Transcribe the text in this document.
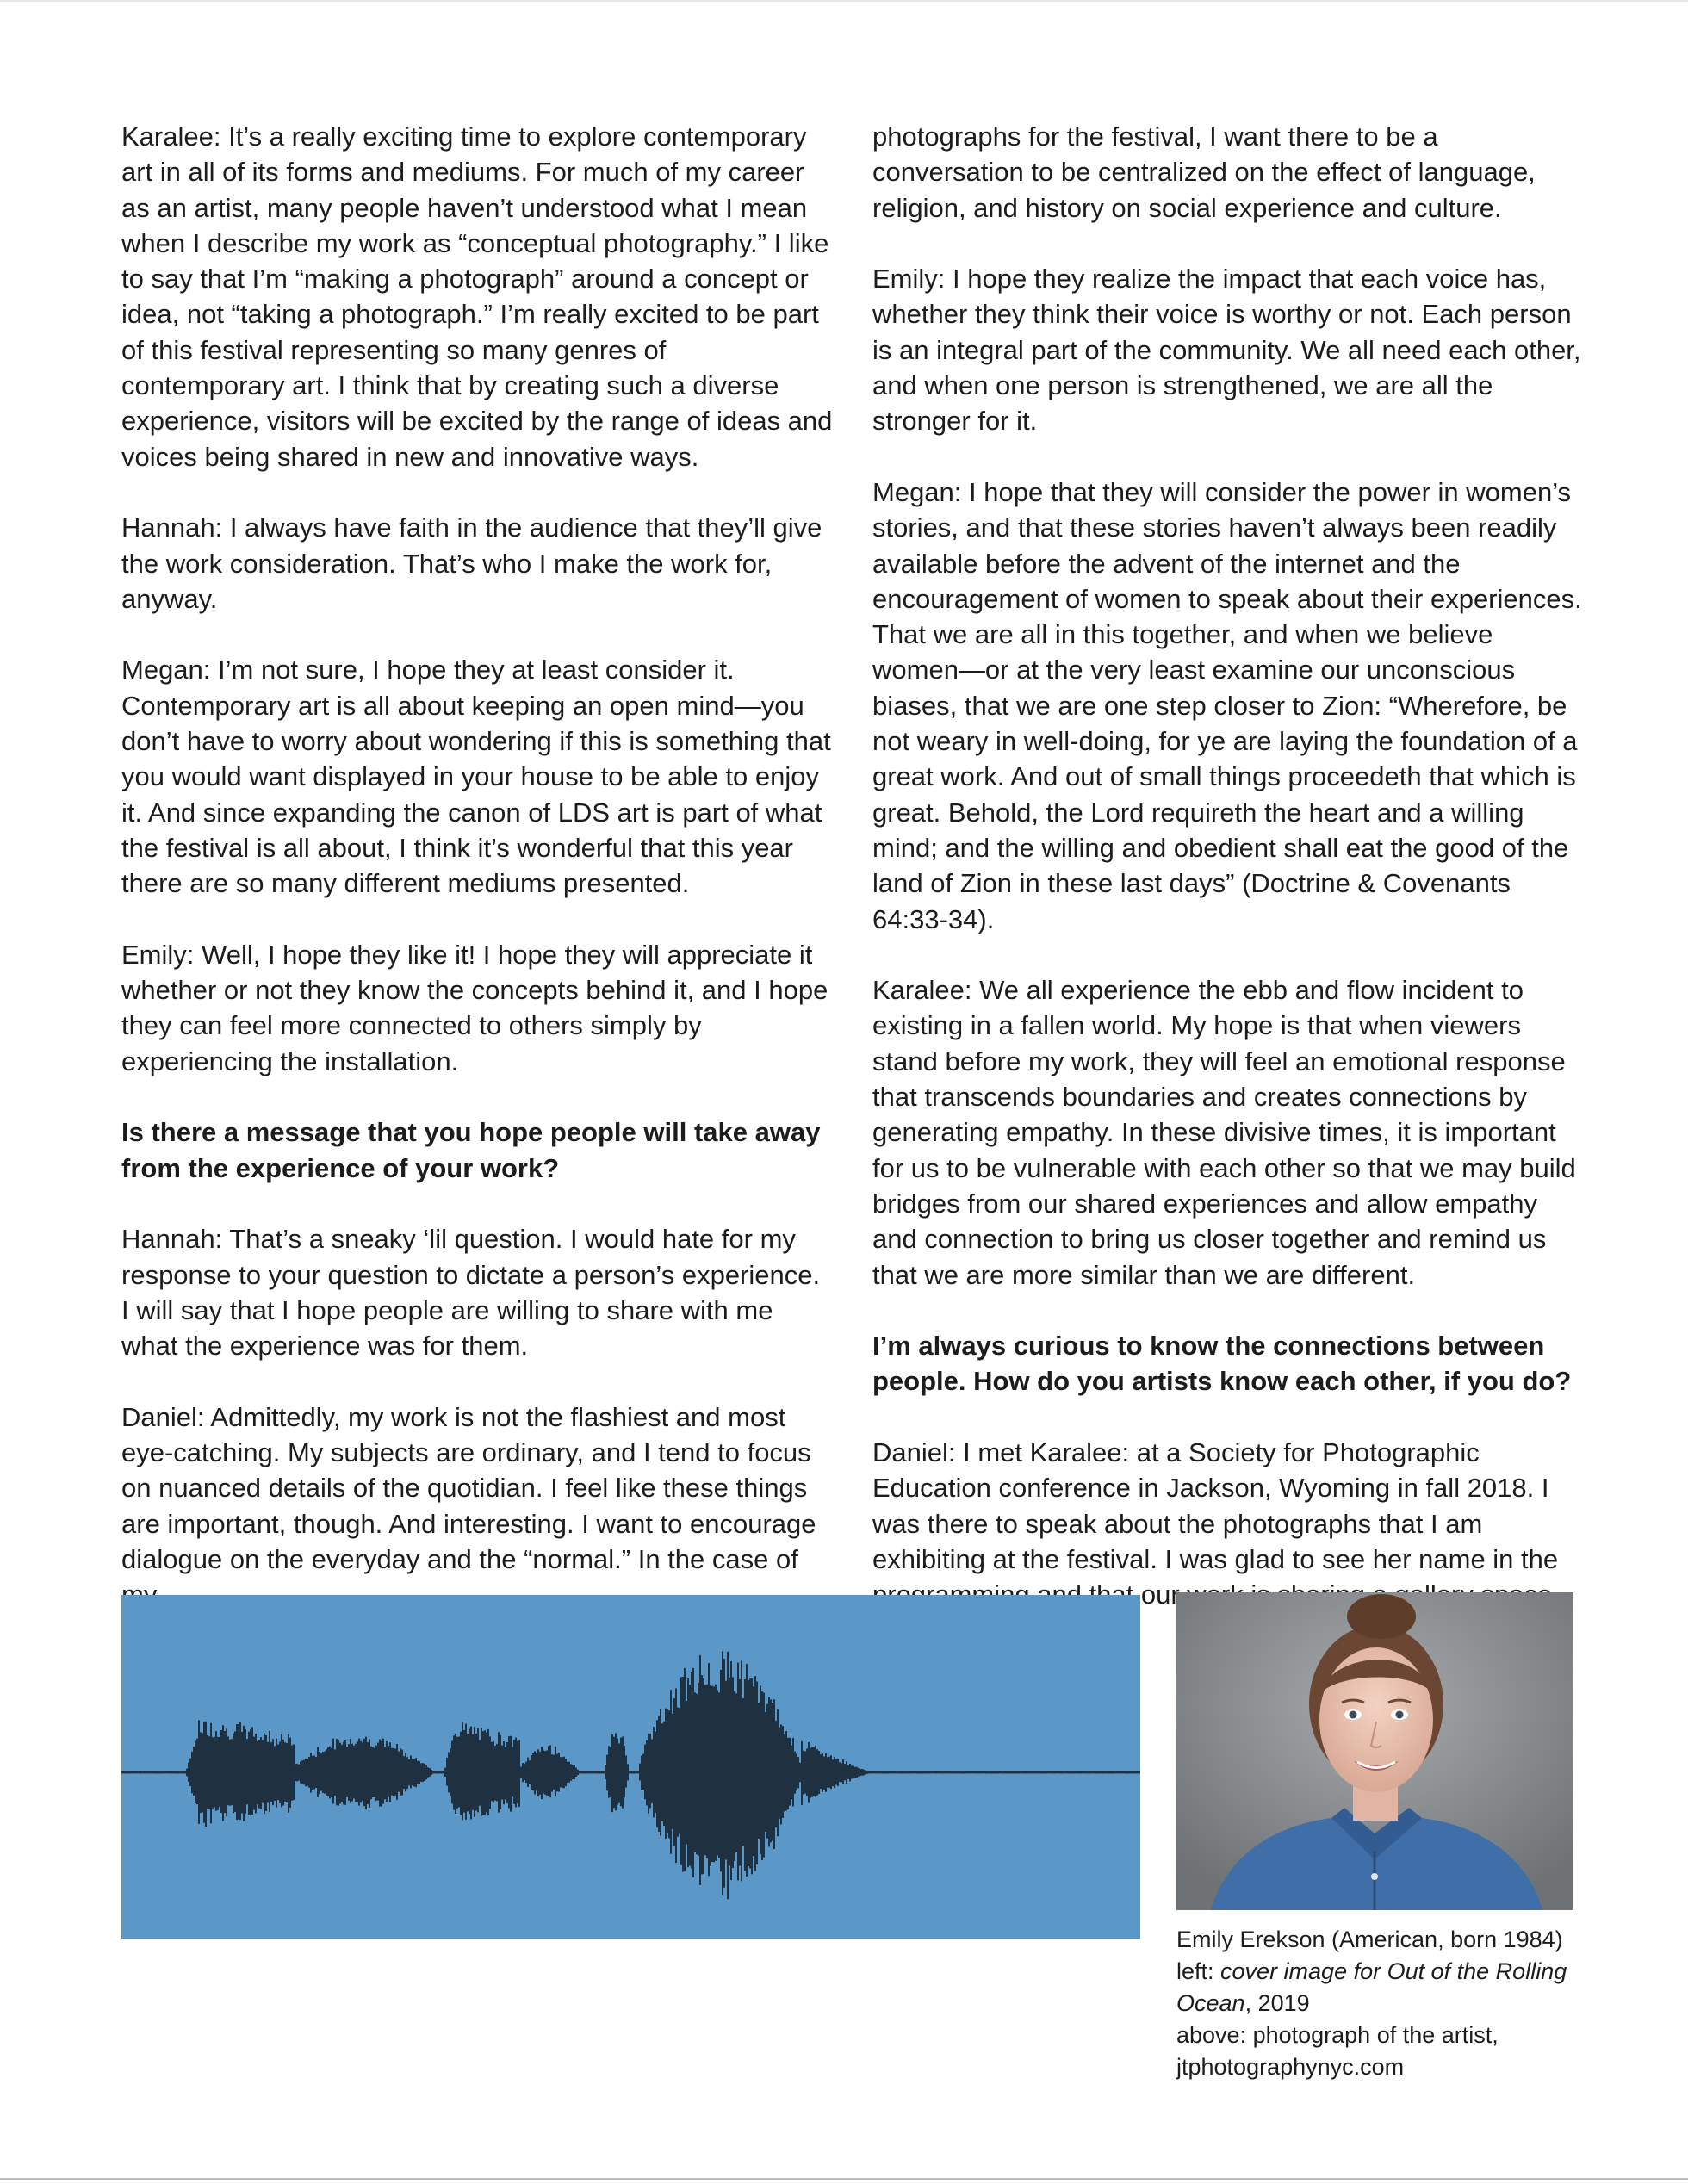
Karalee: It’s a really exciting time to explore contemporary art in all of its forms and mediums. For much of my career as an artist, many people haven’t understood what I mean when I describe my work as “conceptual photography.” I like to say that I’m “making a photograph” around a concept or idea, not “taking a photograph.” I’m really excited to be part of this festival representing so many genres of contemporary art. I think that by creating such a diverse experience, visitors will be excited by the range of ideas and voices being shared in new and innovative ways.

Hannah: I always have faith in the audience that they’ll give the work consideration. That’s who I make the work for, anyway.

Megan: I’m not sure, I hope they at least consider it. Contemporary art is all about keeping an open mind—you don’t have to worry about wondering if this is something that you would want displayed in your house to be able to enjoy it. And since expanding the canon of LDS art is part of what the festival is all about, I think it’s wonderful that this year there are so many different mediums presented.

Emily: Well, I hope they like it! I hope they will appreciate it whether or not they know the concepts behind it, and I hope they can feel more connected to others simply by experiencing the installation.

Is there a message that you hope people will take away from the experience of your work?

Hannah: That’s a sneaky ‘lil question. I would hate for my response to your question to dictate a person’s experience. I will say that I hope people are willing to share with me what the experience was for them.

Daniel: Admittedly, my work is not the flashiest and most eye-catching. My subjects are ordinary, and I tend to focus on nuanced details of the quotidian. I feel like these things are important, though. And interesting. I want to encourage dialogue on the everyday and the “normal.” In the case of

photographs for the festival, I want there to be a conversation to be centralized on the effect of language, religion, and history on social experience and culture.

Emily: I hope they realize the impact that each voice has, whether they think their voice is worthy or not. Each person is an integral part of the community. We all need each other, and when one person is strengthened, we are all the stronger for it.

Megan: I hope that they will consider the power in women’s stories, and that these stories haven’t always been readily available before the advent of the internet and the encouragement of women to speak about their experiences. That we are all in this together, and when we believe women—or at the very least examine our unconscious biases, that we are one step closer to Zion: “Wherefore, be not weary in well-doing, for ye are laying the foundation of a great work. And out of small things proceedeth that which is great. Behold, the Lord requireth the heart and a willing mind; and the willing and obedient shall eat the good of the land of Zion in these last days” (Doctrine & Covenants 64:33-34).

Karalee: We all experience the ebb and flow incident to existing in a fallen world. My hope is that when viewers stand before my work, they will feel an emotional response that transcends boundaries and creates connections by generating empathy. In these divisive times, it is important for us to be vulnerable with each other so that we may build bridges from our shared experiences and allow empathy and connection to bring us closer together and remind us that we are more similar than we are different.

I’m always curious to know the connections between people. How do you artists know each other, if you do?

Daniel: I met Karalee: at a Society for Photographic Education conference in Jackson, Wyoming in fall 2018. I was there to speak about the photographs that I am exhibiting at the festival. I was glad to see her name in the our

Emily Erekson (American, born 1984)
left: cover image for Out of the Rolling Ocean, 2019
above: photograph of the artist, jtphotographynyc.com
